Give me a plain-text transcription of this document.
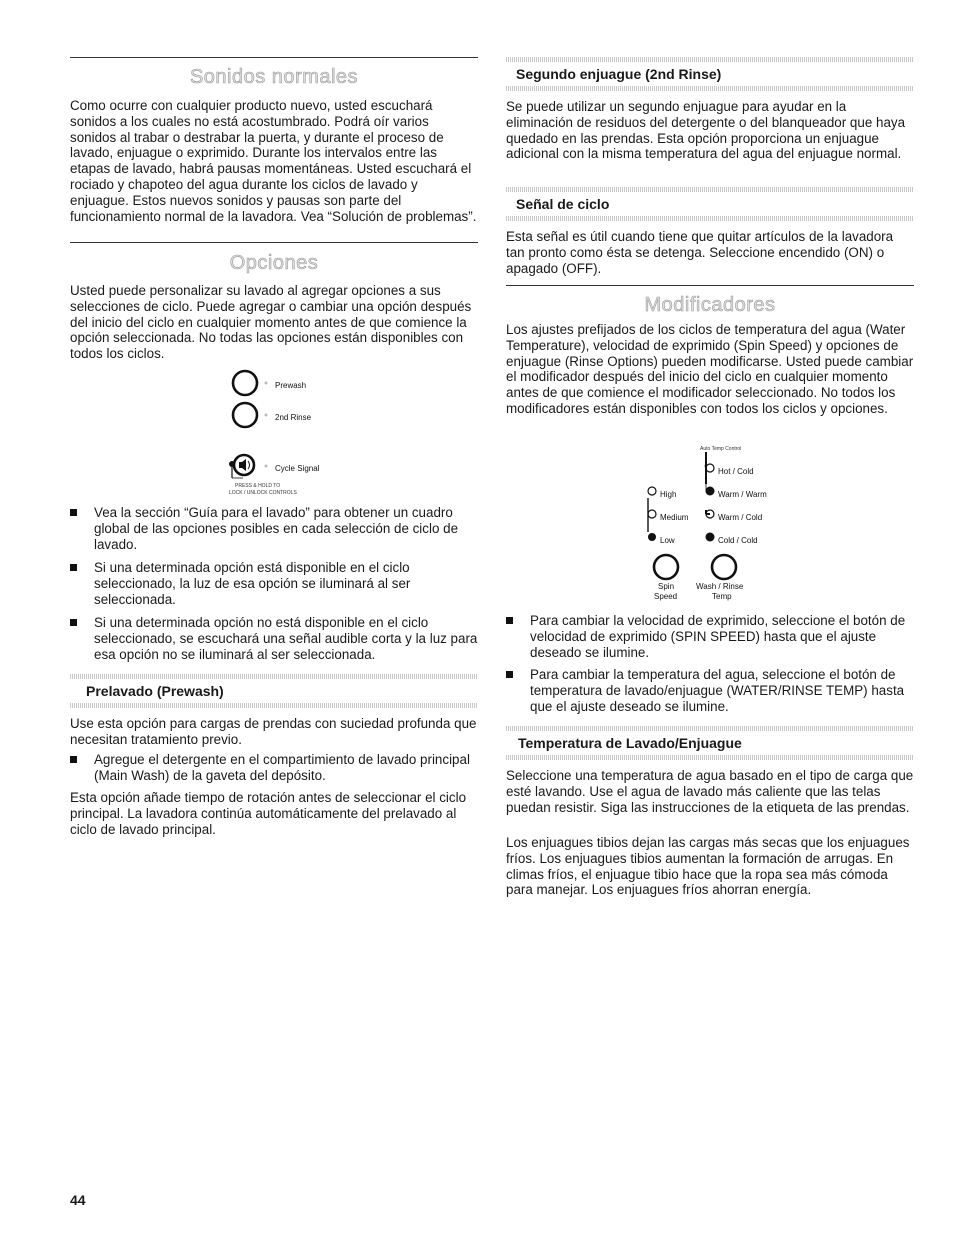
Sonidos normales
Como ocurre con cualquier producto nuevo, usted escuchará sonidos a los cuales no está acostumbrado. Podrá oír varios sonidos al trabar o destrabar la puerta, y durante el proceso de lavado, enjuague o exprimido. Durante los intervalos entre las etapas de lavado, habrá pausas momentáneas. Usted escuchará el rociado y chapoteo del agua durante los ciclos de lavado y enjuague. Estos nuevos sonidos y pausas son parte del funcionamiento normal de la lavadora. Vea “Solución de problemas”.
Opciones
Usted puede personalizar su lavado al agregar opciones a sus selecciones de ciclo. Puede agregar o cambiar una opción después del inicio del ciclo en cualquier momento antes de que comience la opción seleccionada. No todas las opciones están disponibles con todos los ciclos.
Prewash
2nd Rinse
Cycle Signal
PRESS & HOLD TO
LOCK / UNLOCK CONTROLS
Vea la sección “Guía para el lavado” para obtener un cuadro global de las opciones posibles en cada selección de ciclo de lavado.
Si una determinada opción está disponible en el ciclo seleccionado, la luz de esa opción se iluminará al ser seleccionada.
Si una determinada opción no está disponible en el ciclo seleccionado, se escuchará una señal audible corta y la luz para esa opción no se iluminará al ser seleccionada.
Prelavado (Prewash)
Use esta opción para cargas de prendas con suciedad profunda que necesitan tratamiento previo.
Agregue el detergente en el compartimiento de lavado principal (Main Wash) de la gaveta del depósito.
Esta opción añade tiempo de rotación antes de seleccionar el ciclo principal. La lavadora continúa automáticamente del prelavado al ciclo de lavado principal.
44
Segundo enjuague (2nd Rinse)
Se puede utilizar un segundo enjuague para ayudar en la eliminación de residuos del detergente o del blanqueador que haya quedado en las prendas. Esta opción proporciona un enjuague adicional con la misma temperatura del agua del enjuague normal.
Señal de ciclo
Esta señal es útil cuando tiene que quitar artículos de la lavadora tan pronto como ésta se detenga. Seleccione encendido (ON) o apagado (OFF).
Modificadores
Los ajustes prefijados de los ciclos de temperatura del agua (Water Temperature), velocidad de exprimido (Spin Speed) y opciones de enjuague (Rinse Options) pueden modificarse. Usted puede cambiar el modificador después del inicio del ciclo en cualquier momento antes de que comience el modificador seleccionado. No todos los modificadores están disponibles con todos los ciclos y opciones.
Auto Temp Control
Hot / Cold
Warm / Warm
Warm / Cold
Cold / Cold
High
Medium
Low
Spin
Speed
Wash / Rinse
Temp
Para cambiar la velocidad de exprimido, seleccione el botón de velocidad de exprimido (SPIN SPEED) hasta que el ajuste deseado se ilumine.
Para cambiar la temperatura del agua, seleccione el botón de temperatura de lavado/enjuague (WATER/RINSE TEMP) hasta que el ajuste deseado se ilumine.
Temperatura de Lavado/Enjuague
Seleccione una temperatura de agua basado en el tipo de carga que esté lavando. Use el agua de lavado más caliente que las telas puedan resistir. Siga las instrucciones de la etiqueta de las prendas.
Los enjuagues tibios dejan las cargas más secas que los enjuagues fríos. Los enjuagues tibios aumentan la formación de arrugas. En climas fríos, el enjuague tibio hace que la ropa sea más cómoda para manejar. Los enjuagues fríos ahorran energía.
